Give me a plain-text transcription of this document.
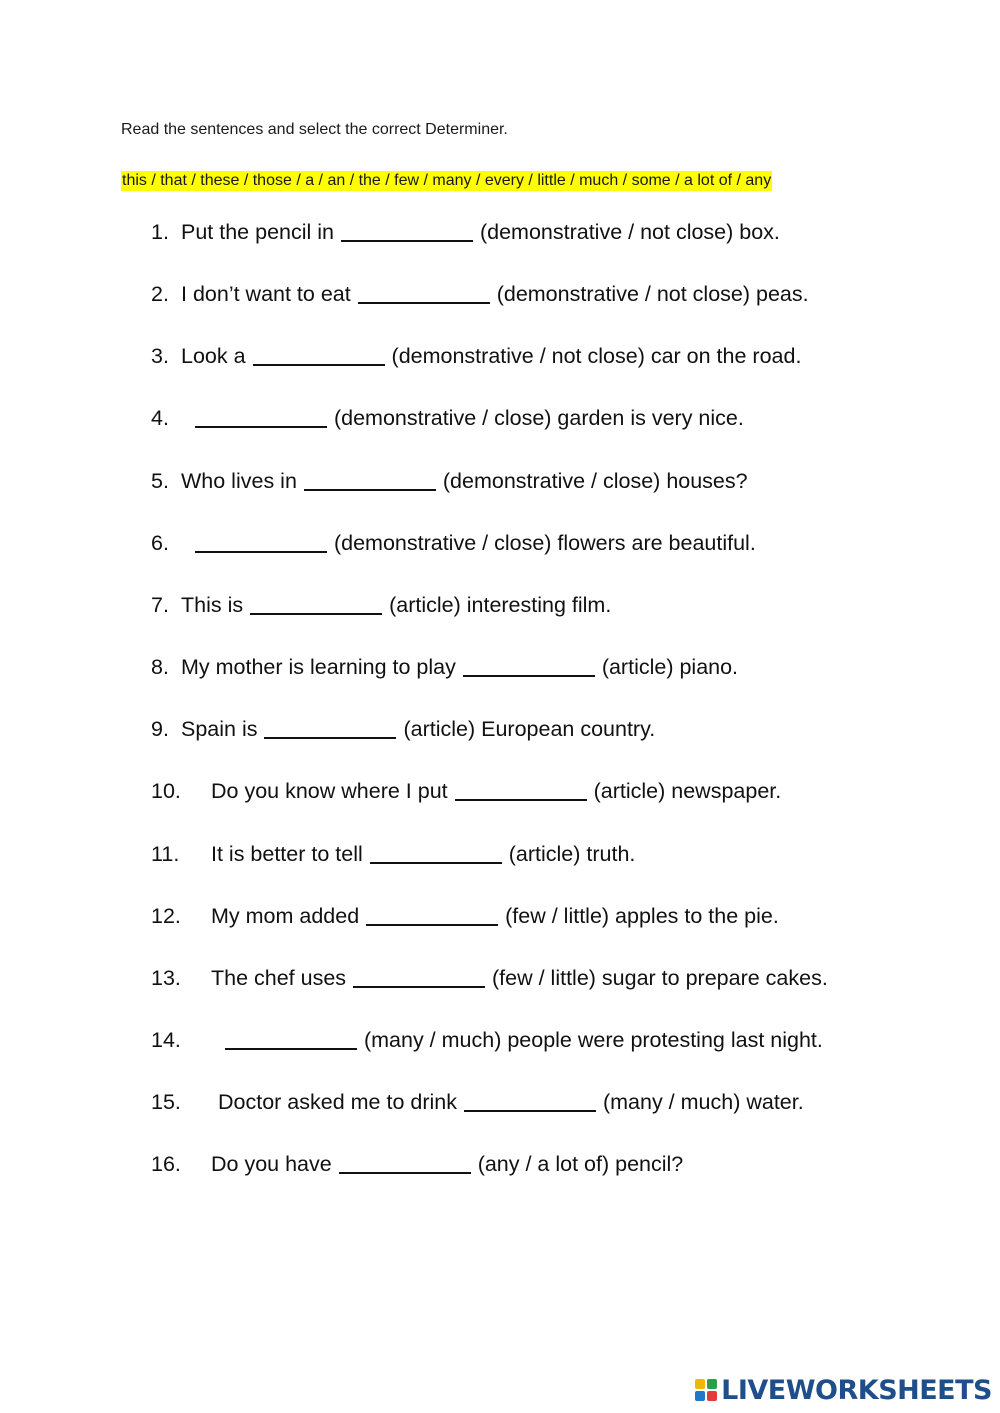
Read the sentences and select the correct Determiner.
this / that / these / those / a / an / the / few / many / every / little / much / some / a lot of / any
1. Put the pencil in	(demonstrative / not close) box.
2. I don’t want to eat	(demonstrative / not close) peas.
3. Look a	(demonstrative / not close) car on the road.
4.	(demonstrative / close) garden is very nice.
5. Who lives in	(demonstrative / close) houses?
6.	(demonstrative / close) flowers are beautiful.
7. This is	(article) interesting film.
8. My mother is learning to play	(article) piano.
9. Spain is	(article) European country.
10. Do you know where I put	(article) newspaper.
11. It is better to tell	(article) truth.
12. My mom added	(few / little) apples to the pie.
13. The chef uses	(few / little) sugar to prepare cakes.
14.	(many / much) people were protesting last night.
15. Doctor asked me to drink	(many / much) water.
16. Do you have	(any / a lot of) pencil?
LIVEWORKSHEETS
